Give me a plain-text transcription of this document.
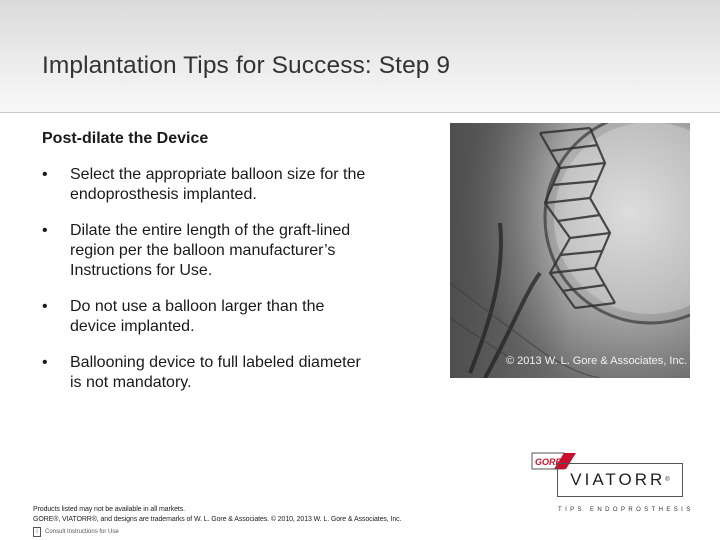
Implantation Tips for Success: Step 9
Post-dilate the Device
• Select the appropriate balloon size for the endoprosthesis implanted.
• Dilate the entire length of the graft-lined region per the balloon manufacturer’s Instructions for Use.
• Do not use a balloon larger than the device implanted.
• Ballooning device to full labeled diameter is not mandatory.
© 2013 W. L. Gore & Associates, Inc.
Products listed may not be available in all markets.
GORE®, VIATORR®, and designs are trademarks of W. L. Gore & Associates. © 2010, 2013 W. L. Gore & Associates, Inc.
i	Consult Instructions for Use
GORE
VIATORR ®
TIPS ENDOPROSTHESIS
